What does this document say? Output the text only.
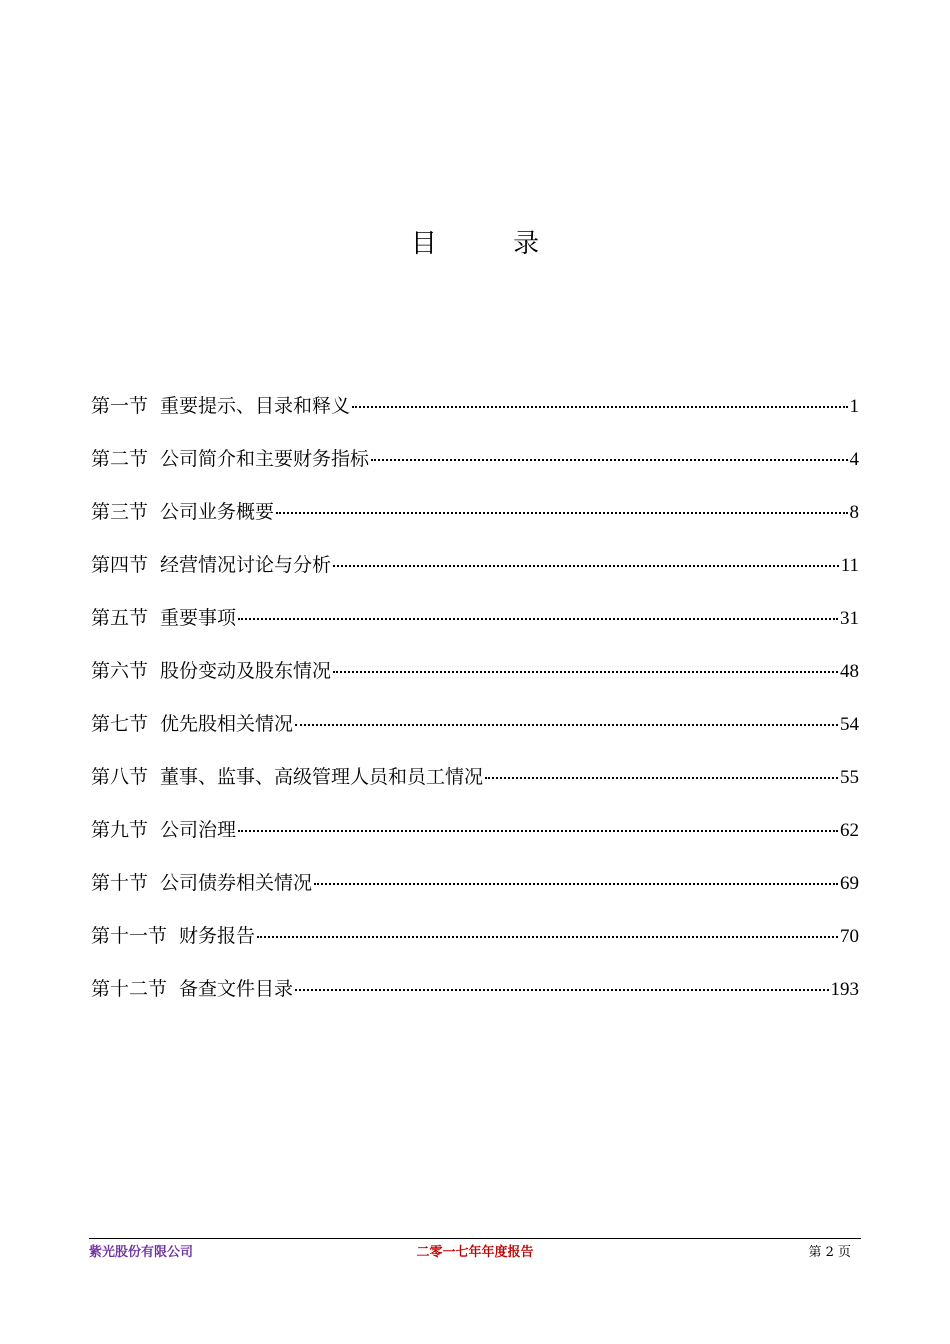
目 录
第一节 重要提示、目录和释义	1
第二节 公司简介和主要财务指标	4
第三节 公司业务概要	8
第四节 经营情况讨论与分析	11
第五节 重要事项	31
第六节 股份变动及股东情况	48
第七节 优先股相关情况	54
第八节 董事、监事、高级管理人员和员工情况	55
第九节 公司治理	62
第十节 公司债券相关情况	69
第十一节 财务报告	70
第十二节 备查文件目录	193
紫光股份有限公司	二零一七年年度报告	第 2 页
